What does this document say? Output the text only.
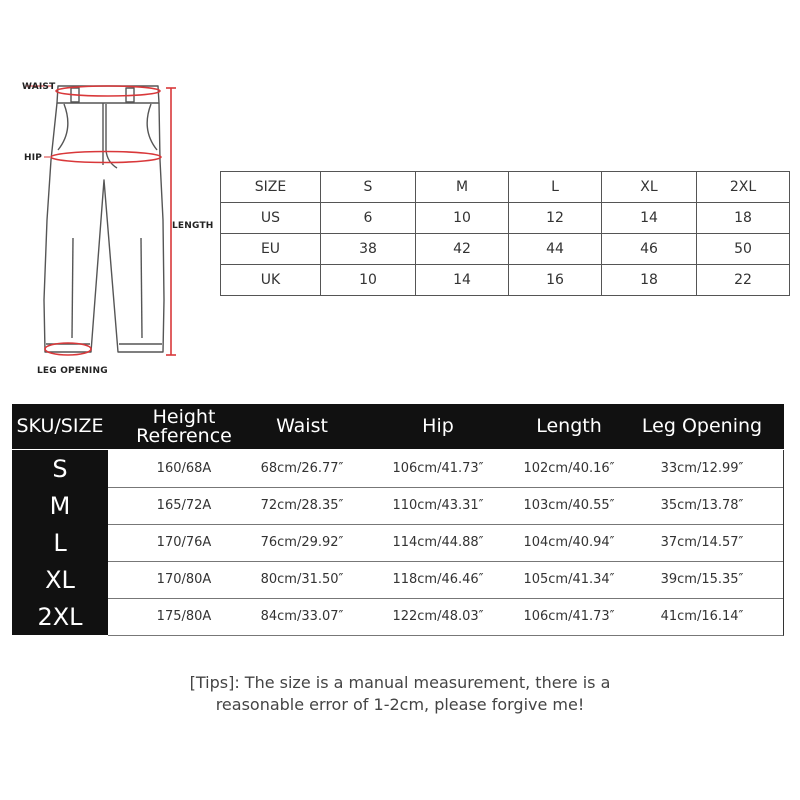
WAIST
HIP
LENGTH
LEG OPENING
SIZE	S	M	L	XL	2XL
US	6	10	12	14	18
EU	38	42	44	46	50
UK	10	14	16	18	22
SKU/SIZE	Height Reference	Waist	Hip	Length	Leg Opening
S	160/68A	68cm/26.77″	106cm/41.73″	102cm/40.16″	33cm/12.99″
M	165/72A	72cm/28.35″	110cm/43.31″	103cm/40.55″	35cm/13.78″
L	170/76A	76cm/29.92″	114cm/44.88″	104cm/40.94″	37cm/14.57″
XL	170/80A	80cm/31.50″	118cm/46.46″	105cm/41.34″	39cm/15.35″
2XL	175/80A	84cm/33.07″	122cm/48.03″	106cm/41.73″	41cm/16.14″
[Tips]: The size is a manual measurement, there is a
reasonable error of 1-2cm, please forgive me!
